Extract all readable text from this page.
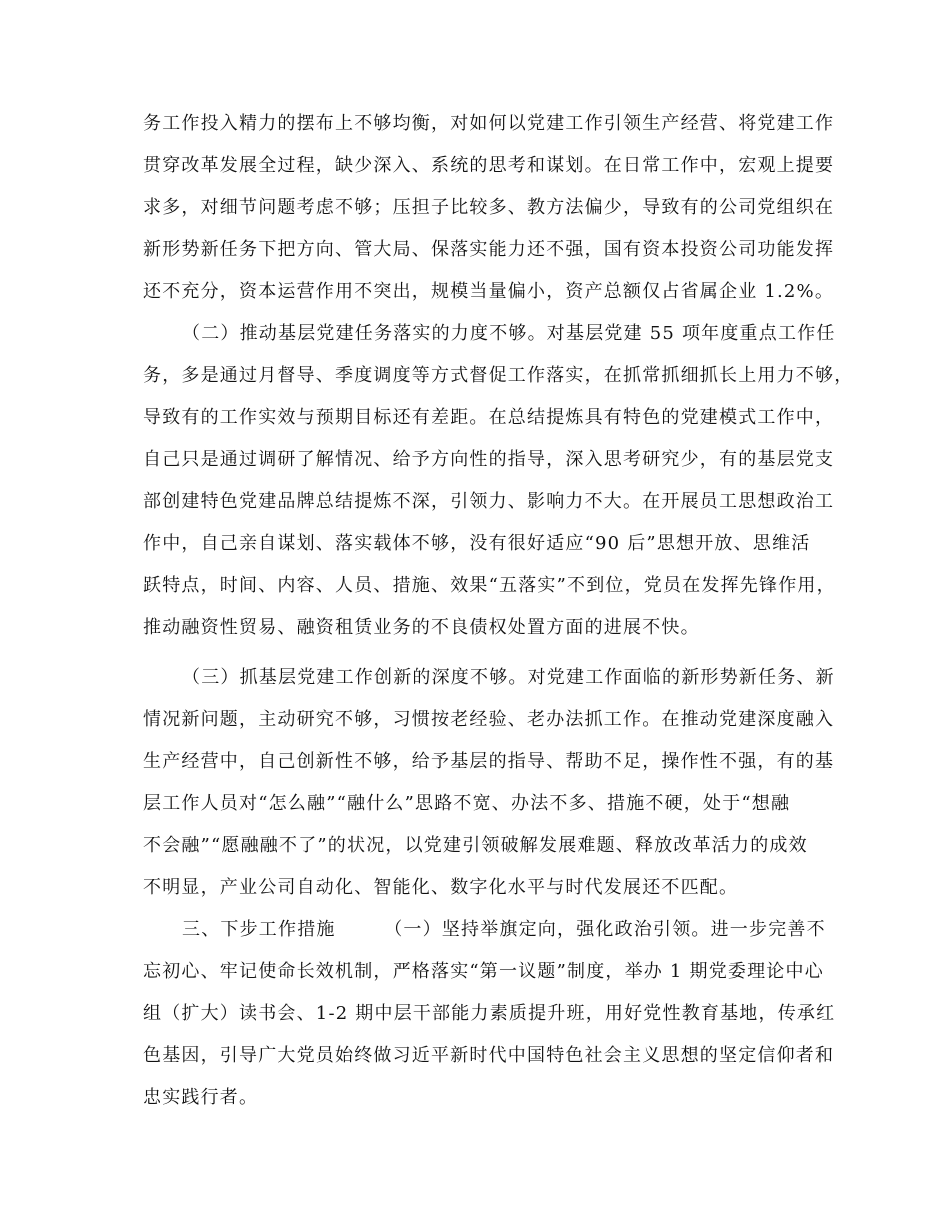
务工作投入精力的摆布上不够均衡，对如何以党建工作引领生产经营、将党建工作
贯穿改革发展全过程，缺少深入、系统的思考和谋划。在日常工作中，宏观上提要
求多，对细节问题考虑不够；压担子比较多、教方法偏少，导致有的公司党组织在
新形势新任务下把方向、管大局、保落实能力还不强，国有资本投资公司功能发挥
还不充分，资本运营作用不突出，规模当量偏小，资产总额仅占省属企业 1.2%。
（二）推动基层党建任务落实的力度不够。对基层党建 55 项年度重点工作任
务，多是通过月督导、季度调度等方式督促工作落实，在抓常抓细抓长上用力不够，
导致有的工作实效与预期目标还有差距。在总结提炼具有特色的党建模式工作中，
自己只是通过调研了解情况、给予方向性的指导，深入思考研究少，有的基层党支
部创建特色党建品牌总结提炼不深，引领力、影响力不大。在开展员工思想政治工
作中，自己亲自谋划、落实载体不够，没有很好适应“90 后”思想开放、思维活
跃特点，时间、内容、人员、措施、效果“五落实”不到位，党员在发挥先锋作用，
推动融资性贸易、融资租赁业务的不良债权处置方面的进展不快。
（三）抓基层党建工作创新的深度不够。对党建工作面临的新形势新任务、新
情况新问题，主动研究不够，习惯按老经验、老办法抓工作。在推动党建深度融入
生产经营中，自己创新性不够，给予基层的指导、帮助不足，操作性不强，有的基
层工作人员对“怎么融”“融什么”思路不宽、办法不多、措施不硬，处于“想融
不会融”“愿融融不了”的状况，以党建引领破解发展难题、释放改革活力的成效
不明显，产业公司自动化、智能化、数字化水平与时代发展还不匹配。
三、下步工作措施　　　（一）坚持举旗定向，强化政治引领。进一步完善不
忘初心、牢记使命长效机制，严格落实“第一议题”制度，举办 1 期党委理论中心
组（扩大）读书会、1-2 期中层干部能力素质提升班，用好党性教育基地，传承红
色基因，引导广大党员始终做习近平新时代中国特色社会主义思想的坚定信仰者和
忠实践行者。
